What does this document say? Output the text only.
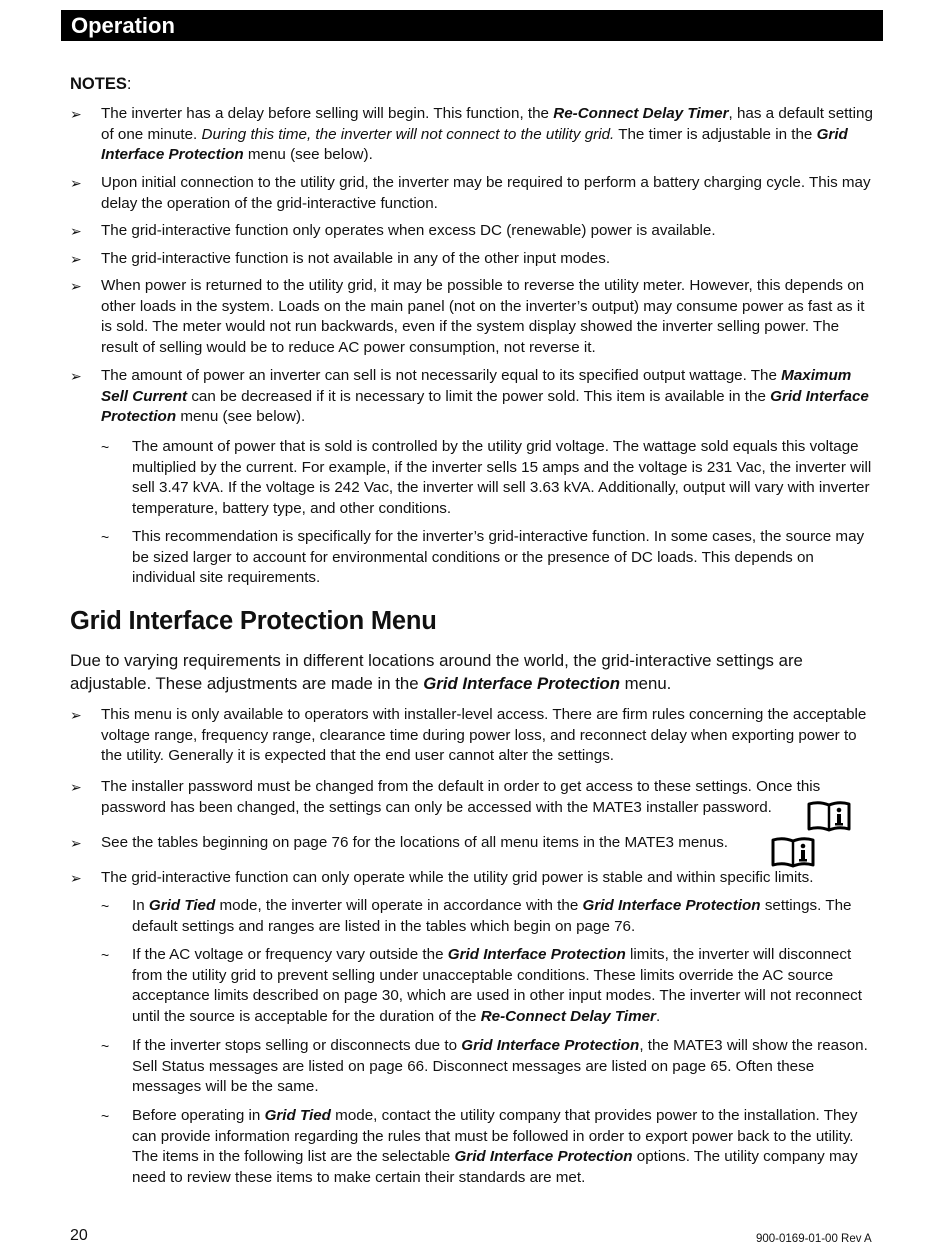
Operation
NOTES:
➢	The inverter has a delay before selling will begin. This function, the Re-Connect Delay Timer, has a default setting of one minute. During this time, the inverter will not connect to the utility grid. The timer is adjustable in the Grid Interface Protection menu (see below).
➢	Upon initial connection to the utility grid, the inverter may be required to perform a battery charging cycle. This may delay the operation of the grid-interactive function.
➢	The grid-interactive function only operates when excess DC (renewable) power is available.
➢	The grid-interactive function is not available in any of the other input modes.
➢	When power is returned to the utility grid, it may be possible to reverse the utility meter. However, this depends on other loads in the system. Loads on the main panel (not on the inverter’s output) may consume power as fast as it is sold. The meter would not run backwards, even if the system display showed the inverter selling power. The result of selling would be to reduce AC power consumption, not reverse it.
➢	The amount of power an inverter can sell is not necessarily equal to its specified output wattage. The Maximum Sell Current can be decreased if it is necessary to limit the power sold. This item is available in the Grid Interface Protection menu (see below).
~	The amount of power that is sold is controlled by the utility grid voltage. The wattage sold equals this voltage multiplied by the current. For example, if the inverter sells 15 amps and the voltage is 231 Vac, the inverter will sell 3.47 kVA. If the voltage is 242 Vac, the inverter will sell 3.63 kVA. Additionally, output will vary with inverter temperature, battery type, and other conditions.
~	This recommendation is specifically for the inverter’s grid-interactive function. In some cases, the source may be sized larger to account for environmental conditions or the presence of DC loads. This depends on individual site requirements.
Grid Interface Protection Menu
Due to varying requirements in different locations around the world, the grid-interactive settings are adjustable. These adjustments are made in the Grid Interface Protection menu.
➢	This menu is only available to operators with installer-level access. There are firm rules concerning the acceptable voltage range, frequency range, clearance time during power loss, and reconnect delay when exporting power to the utility. Generally it is expected that the end user cannot alter the settings.
➢	The installer password must be changed from the default in order to get access to these settings. Once this password has been changed, the settings can only be accessed with the MATE3 installer password.
➢	See the tables beginning on page 76 for the locations of all menu items in the MATE3 menus.
➢	The grid-interactive function can only operate while the utility grid power is stable and within specific limits.
~	In Grid Tied mode, the inverter will operate in accordance with the Grid Interface Protection settings. The default settings and ranges are listed in the tables which begin on page 76.
~	If the AC voltage or frequency vary outside the Grid Interface Protection limits, the inverter will disconnect from the utility grid to prevent selling under unacceptable conditions. These limits override the AC source acceptance limits described on page 30, which are used in other input modes. The inverter will not reconnect until the source is acceptable for the duration of the Re-Connect Delay Timer.
~	If the inverter stops selling or disconnects due to Grid Interface Protection, the MATE3 will show the reason. Sell Status messages are listed on page 66. Disconnect messages are listed on page 65. Often these messages will be the same.
~	Before operating in Grid Tied mode, contact the utility company that provides power to the installation. They can provide information regarding the rules that must be followed in order to export power back to the utility. The items in the following list are the selectable Grid Interface Protection options. The utility company may need to review these items to make certain their standards are met.
20	900-0169-01-00 Rev A
